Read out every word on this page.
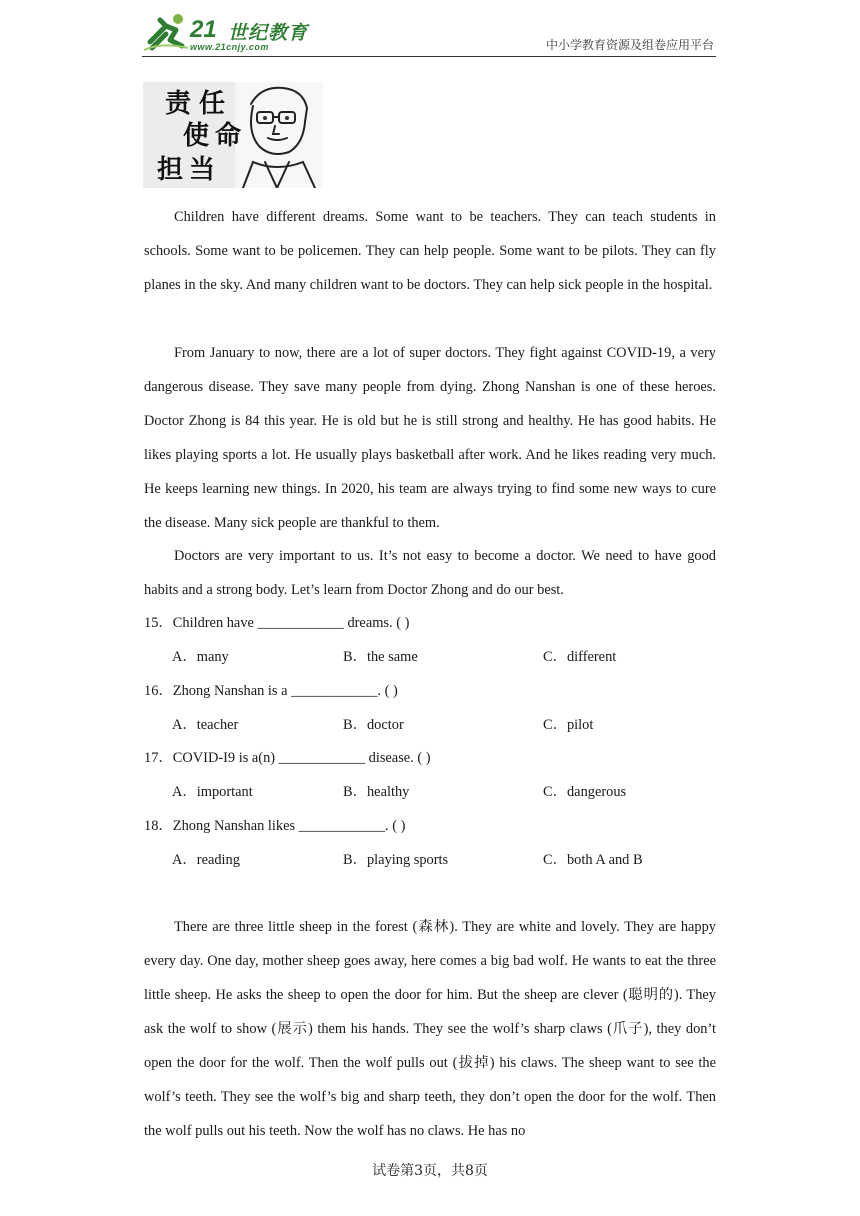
21 世纪教育
www.21cnjy.com	中小学教育资源及组卷应用平台
责 任
使 命
担 当

Children have different dreams. Some want to be teachers. They can teach students in schools. Some want to be policemen. They can help people. Some want to be pilots. They can fly planes in the sky. And many children want to be doctors. They can help sick people in the hospital.

From January to now, there are a lot of super doctors. They fight against COVID-19, a very dangerous disease. They save many people from dying. Zhong Nanshan is one of these heroes. Doctor Zhong is 84 this year. He is old but he is still strong and healthy. He has good habits. He likes playing sports a lot. He usually plays basketball after work. And he likes reading very much. He keeps learning new things. In 2020, his team are always trying to find some new ways to cure the disease. Many sick people are thankful to them.

Doctors are very important to us. It’s not easy to become a doctor. We need to have good habits and a strong body. Let’s learn from Doctor Zhong and do our best.

15．Children have ____________ dreams. ( )
A．many	B．the same	C．different
16．Zhong Nanshan is a ____________. ( )
A．teacher	B．doctor	C．pilot
17．COVID-I9 is a(n) ____________ disease. ( )
A．important	B．healthy	C．dangerous
18．Zhong Nanshan likes ____________. ( )
A．reading	B．playing sports	C．both A and B

There are three little sheep in the forest (森林). They are white and lovely. They are happy every day. One day, mother sheep goes away, here comes a big bad wolf. He wants to eat the three little sheep. He asks the sheep to open the door for him. But the sheep are clever (聪明的). They ask the wolf to show (展示) them his hands. They see the wolf’s sharp claws (爪子), they don’t open the door for the wolf. Then the wolf pulls out (拔掉) his claws. The sheep want to see the wolf’s teeth. They see the wolf’s big and sharp teeth, they don’t open the door for the wolf. Then the wolf pulls out his teeth. Now the wolf has no claws. He has no

试卷第3页，共8页
